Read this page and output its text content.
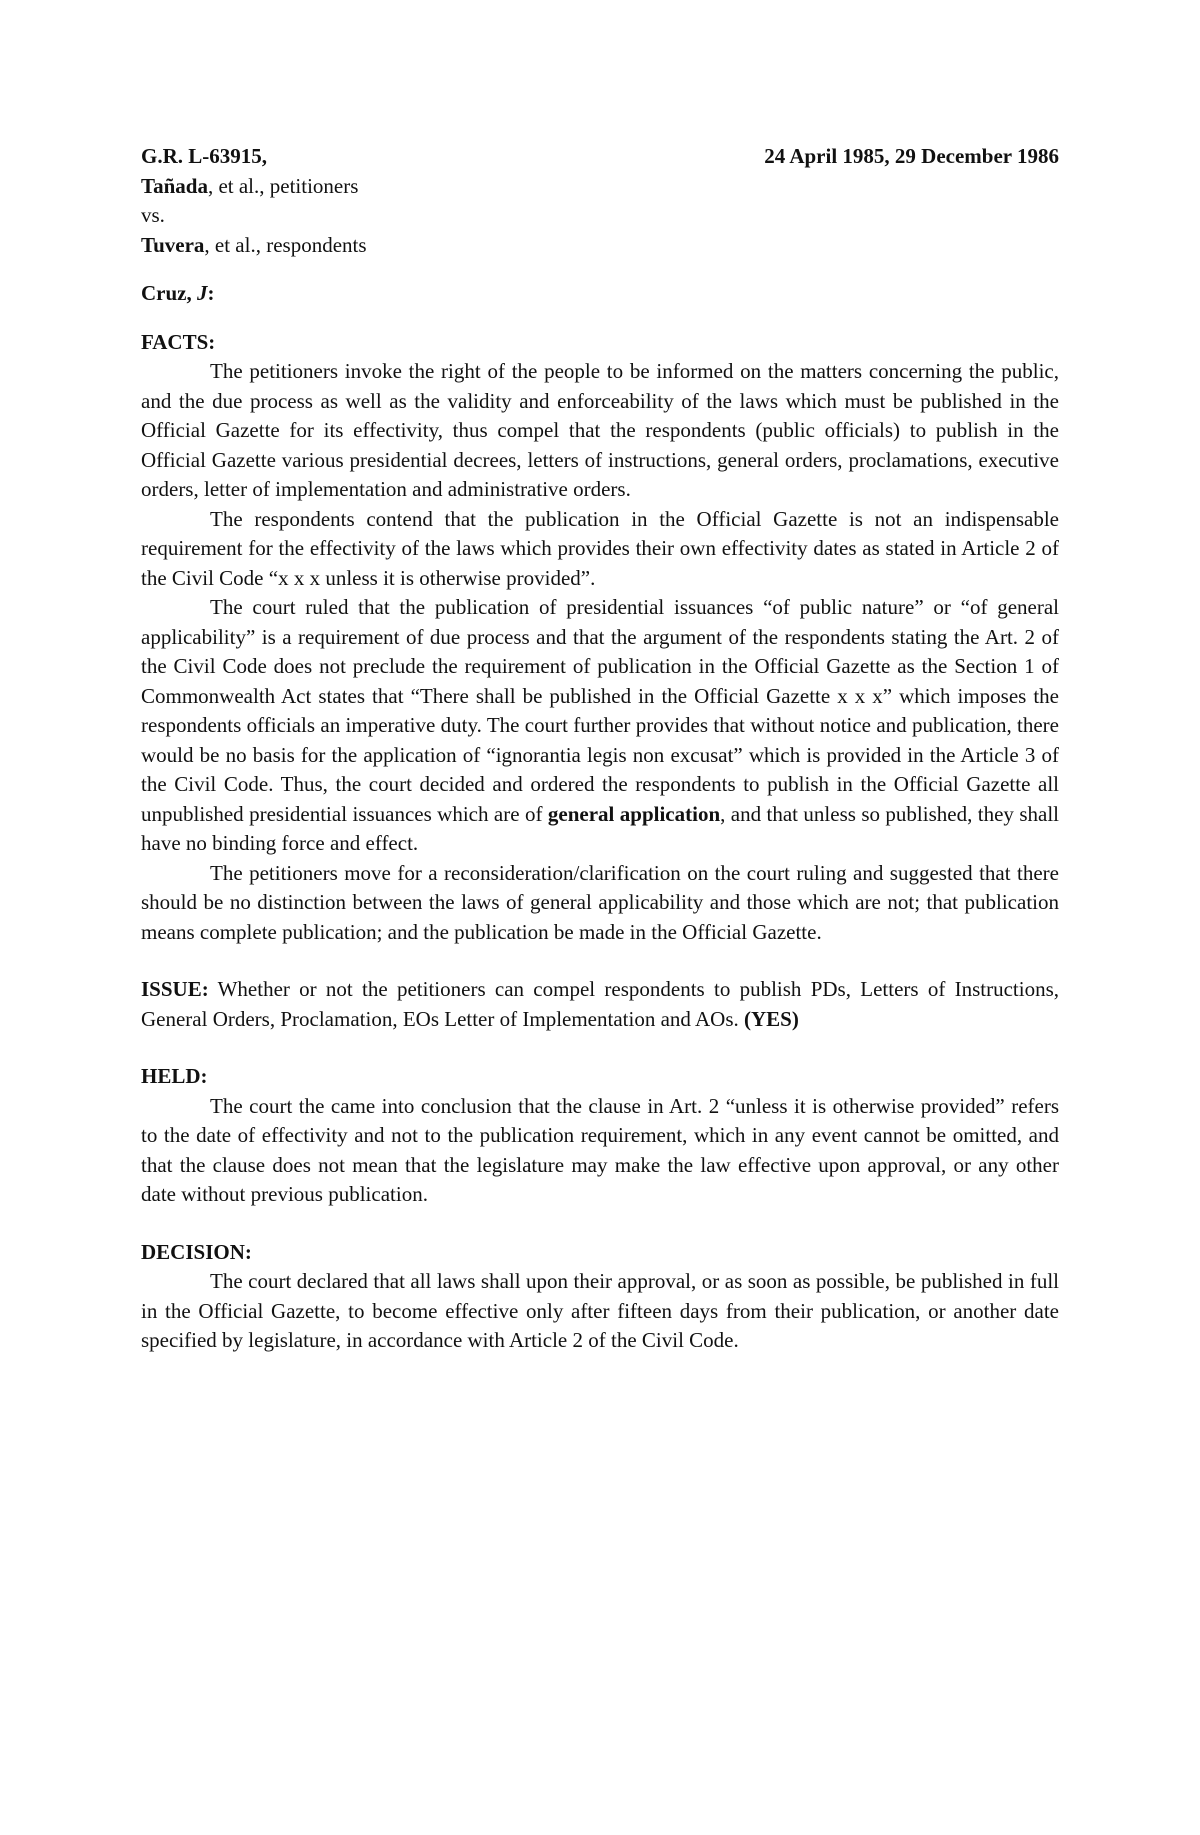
G.R. L-63915,	24 April 1985, 29 December 1986
Tañada, et al., petitioners
vs.
Tuvera, et al., respondents
Cruz, J:
FACTS:

The petitioners invoke the right of the people to be informed on the matters concerning the public, and the due process as well as the validity and enforceability of the laws which must be published in the Official Gazette for its effectivity, thus compel that the respondents (public officials) to publish in the Official Gazette various presidential decrees, letters of instructions, general orders, proclamations, executive orders, letter of implementation and administrative orders.

The respondents contend that the publication in the Official Gazette is not an indispensable requirement for the effectivity of the laws which provides their own effectivity dates as stated in Article 2 of the Civil Code “x x x unless it is otherwise provided”.

The court ruled that the publication of presidential issuances “of public nature” or “of general applicability” is a requirement of due process and that the argument of the respondents stating the Art. 2 of the Civil Code does not preclude the requirement of publication in the Official Gazette as the Section 1 of Commonwealth Act states that “There shall be published in the Official Gazette x x x” which imposes the respondents officials an imperative duty. The court further provides that without notice and publication, there would be no basis for the application of “ignorantia legis non excusat” which is provided in the Article 3 of the Civil Code. Thus, the court decided and ordered the respondents to publish in the Official Gazette all unpublished presidential issuances which are of general application, and that unless so published, they shall have no binding force and effect.

The petitioners move for a reconsideration/clarification on the court ruling and suggested that there should be no distinction between the laws of general applicability and those which are not; that publication means complete publication; and the publication be made in the Official Gazette.

ISSUE: Whether or not the petitioners can compel respondents to publish PDs, Letters of Instructions, General Orders, Proclamation, EOs Letter of Implementation and AOs. (YES)

HELD:

The court the came into conclusion that the clause in Art. 2 “unless it is otherwise provided” refers to the date of effectivity and not to the publication requirement, which in any event cannot be omitted, and that the clause does not mean that the legislature may make the law effective upon approval, or any other date without previous publication.

DECISION:

The court declared that all laws shall upon their approval, or as soon as possible, be published in full in the Official Gazette, to become effective only after fifteen days from their publication, or another date specified by legislature, in accordance with Article 2 of the Civil Code.
